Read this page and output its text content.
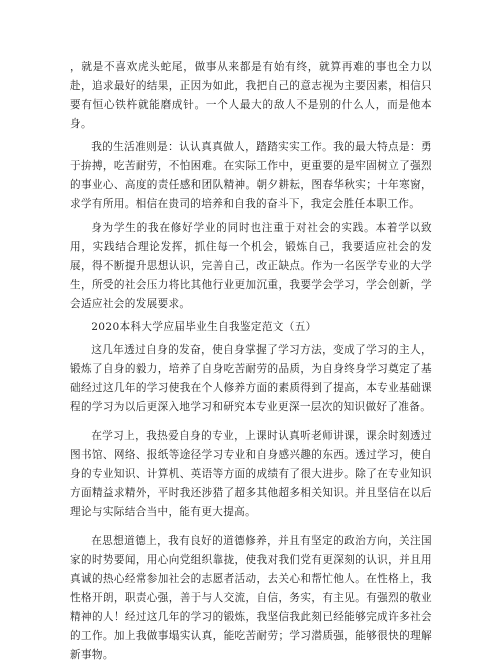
，就是不喜欢虎头蛇尾，做事从来都是有始有终，就算再难的事也全力以赴，追求最好的结果，正因为如此，我把自己的意志视为主要因素，相信只要有恒心铁杵就能磨成针。一个人最大的敌人不是别的什么人，而是他本身。

我的生活准则是：认认真真做人，踏踏实实工作。我的最大特点是：勇于拚搏，吃苦耐劳，不怕困难。在实际工作中，更重要的是牢固树立了强烈的事业心、高度的责任感和团队精神。朝夕耕耘，图春华秋实；十年寒窗，求学有所用。相信在贵司的培养和自我的奋斗下，我定会胜任本职工作。

身为学生的我在修好学业的同时也注重于对社会的实践。本着学以致用，实践结合理论发挥，抓住每一个机会，锻炼自己，我要适应社会的发展，得不断提升思想认识，完善自己，改正缺点。作为一名医学专业的大学生，所受的社会压力将比其他行业更加沉重，我要学会学习，学会创新，学会适应社会的发展要求。

2020本科大学应届毕业生自我鉴定范文（五）

这几年透过自身的发奋，使自身掌握了学习方法，变成了学习的主人，锻炼了自身的毅力，培养了自身吃苦耐劳的品质，为自身终身学习奠定了基础经过这几年的学习使我在个人修养方面的素质得到了提高，本专业基础课程的学习为以后更深入地学习和研究本专业更深一层次的知识做好了准备。

在学习上，我热爱自身的专业，上课时认真听老师讲课，课余时刻透过图书馆、网络、报纸等途径学习专业和自身感兴趣的东西。透过学习，使自身的专业知识、计算机、英语等方面的成绩有了很大进步。除了在专业知识方面精益求精外，平时我还涉猎了超多其他超多相关知识。并且坚信在以后理论与实际结合当中，能有更大提高。

在思想道德上，我有良好的道德修养，并且有坚定的政治方向，关注国家的时势要闻，用心向党组织靠拢，使我对我们党有更深刻的认识，并且用真诚的热心经常参加社会的志愿者活动，去关心和帮忙他人。在性格上，我性格开朗，职责心强，善于与人交流，自信，务实，有主见。有强烈的敬业精神的人！经过这几年的学习的锻炼，我坚信我此刻已经能够完成许多社会的工作。加上我做事塌实认真，能吃苦耐劳；学习潜质强，能够很快的理解新事物。
